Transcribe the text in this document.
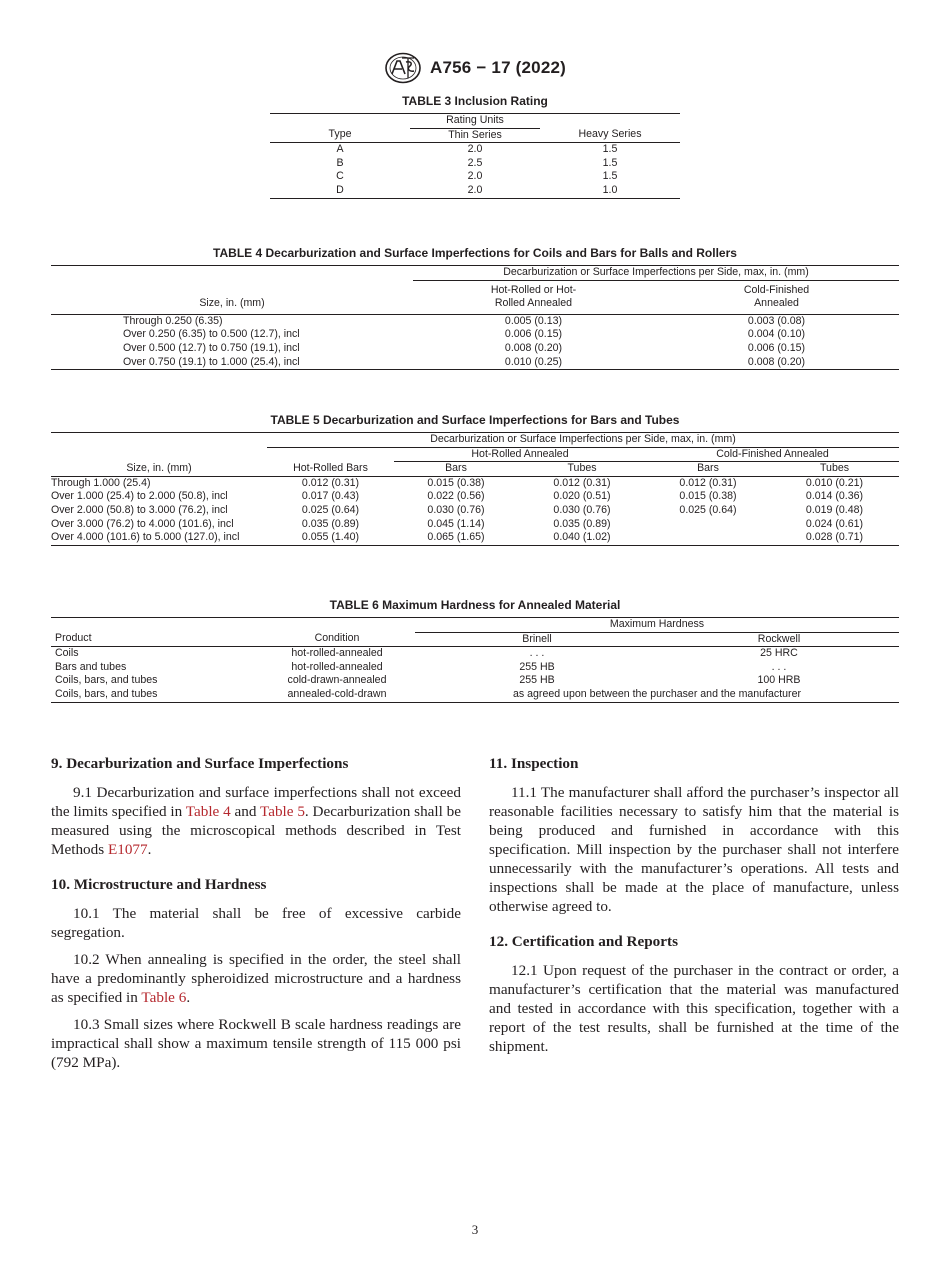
A756 − 17 (2022)
TABLE 3 Inclusion Rating
	Rating Units	
Type	Thin Series	Heavy Series
A	2.0	1.5
B	2.5	1.5
C	2.0	1.5
D	2.0	1.0
TABLE 4 Decarburization and Surface Imperfections for Coils and Bars for Balls and Rollers
	Decarburization or Surface Imperfections per Side, max, in. (mm)	
	Hot-Rolled or Hot-	Cold-Finished
Size, in. (mm)	Rolled Annealed	Annealed
Through 0.250 (6.35)	0.005 (0.13)	0.003 (0.08)
Over 0.250 (6.35) to 0.500 (12.7), incl	0.006 (0.15)	0.004 (0.10)
Over 0.500 (12.7) to 0.750 (19.1), incl	0.008 (0.20)	0.006 (0.15)
Over 0.750 (19.1) to 1.000 (25.4), incl	0.010 (0.25)	0.008 (0.20)
TABLE 5 Decarburization and Surface Imperfections for Bars and Tubes
	Decarburization or Surface Imperfections per Side, max, in. (mm)				
		Hot-Rolled Annealed		Cold-Finished Annealed	
Size, in. (mm)	Hot-Rolled Bars	Bars	Tubes	Bars	Tubes
Through 1.000 (25.4)	0.012 (0.31)	0.015 (0.38)	0.012 (0.31)	0.012 (0.31)	0.010 (0.21)
Over 1.000 (25.4) to 2.000 (50.8), incl	0.017 (0.43)	0.022 (0.56)	0.020 (0.51)	0.015 (0.38)	0.014 (0.36)
Over 2.000 (50.8) to 3.000 (76.2), incl	0.025 (0.64)	0.030 (0.76)	0.030 (0.76)	0.025 (0.64)	0.019 (0.48)
Over 3.000 (76.2) to 4.000 (101.6), incl	0.035 (0.89)	0.045 (1.14)	0.035 (0.89)		0.024 (0.61)
Over 4.000 (101.6) to 5.000 (127.0), incl	0.055 (1.40)	0.065 (1.65)	0.040 (1.02)		0.028 (0.71)
TABLE 6 Maximum Hardness for Annealed Material
		Maximum Hardness	
Product	Condition	Brinell	Rockwell
Coils	hot-rolled-annealed	. . .	25 HRC
Bars and tubes	hot-rolled-annealed	255 HB	. . .
Coils, bars, and tubes	cold-drawn-annealed	255 HB	100 HRB
Coils, bars, and tubes	annealed-cold-drawn	as agreed upon between the purchaser and the manufacturer	
9. Decarburization and Surface Imperfections

9.1 Decarburization and surface imperfections shall not exceed the limits specified in Table 4 and Table 5. Decarburization shall be measured using the microscopical methods described in Test Methods E1077.

10. Microstructure and Hardness

10.1 The material shall be free of excessive carbide segregation.

10.2 When annealing is specified in the order, the steel shall have a predominantly spheroidized microstructure and a hardness as specified in Table 6.

10.3 Small sizes where Rockwell B scale hardness readings are impractical shall show a maximum tensile strength of 115 000 psi (792 MPa).

11. Inspection

11.1 The manufacturer shall afford the purchaser’s inspector all reasonable facilities necessary to satisfy him that the material is being produced and furnished in accordance with this specification. Mill inspection by the purchaser shall not interfere unnecessarily with the manufacturer’s operations. All tests and inspections shall be made at the place of manufacture, unless otherwise agreed to.

12. Certification and Reports

12.1 Upon request of the purchaser in the contract or order, a manufacturer’s certification that the material was manufactured and tested in accordance with this specification, together with a report of the test results, shall be furnished at the time of the shipment.

3
